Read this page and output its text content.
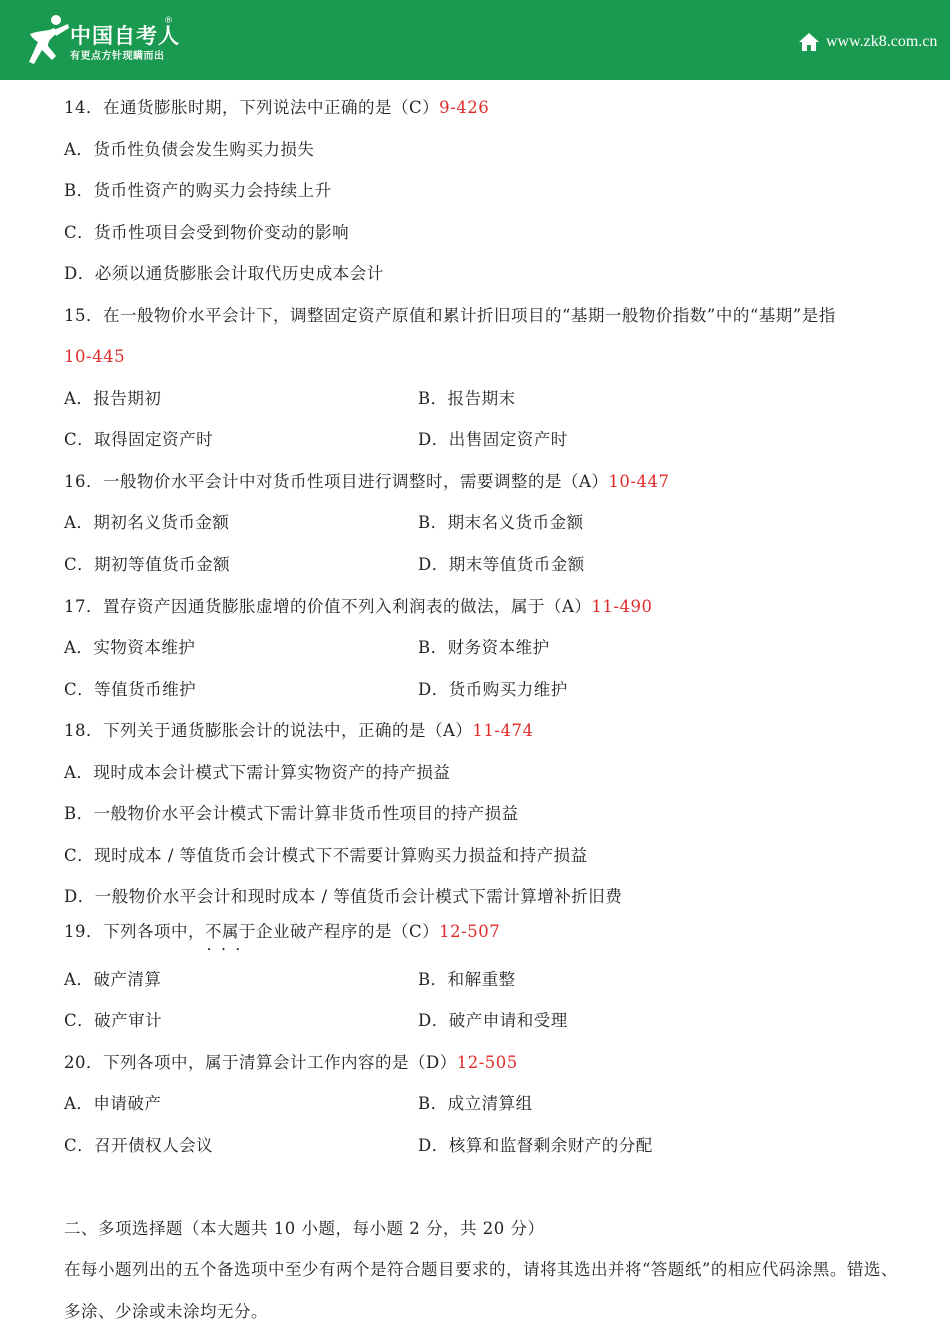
中国自考人
®
有更点方针现瞒而出
www.zk8.com.cn
14．在通货膨胀时期，下列说法中正确的是（C）9-426
A．货币性负债会发生购买力损失
B．货币性资产的购买力会持续上升
C．货币性项目会受到物价变动的影响
D．必须以通货膨胀会计取代历史成本会计
15．在一般物价水平会计下，调整固定资产原值和累计折旧项目的“基期一般物价指数”中的“基期”是指
10-445
A．报告期初	B．报告期末
C．取得固定资产时	D．出售固定资产时
16．一般物价水平会计中对货币性项目进行调整时，需要调整的是（A）10-447
A．期初名义货币金额	B．期末名义货币金额
C．期初等值货币金额	D．期末等值货币金额
17．置存资产因通货膨胀虚增的价值不列入利润表的做法，属于（A）11-490
A．实物资本维护	B．财务资本维护
C．等值货币维护	D．货币购买力维护
18．下列关于通货膨胀会计的说法中，正确的是（A）11-474
A．现时成本会计模式下需计算实物资产的持产损益
B．一般物价水平会计模式下需计算非货币性项目的持产损益
C．现时成本 / 等值货币会计模式下不需要计算购买力损益和持产损益
D．一般物价水平会计和现时成本 / 等值货币会计模式下需计算增补折旧费
19．下列各项中，不属于 • • •企业破产程序的是（C）12-507
A．破产清算	B．和解重整
C．破产审计	D．破产申请和受理
20．下列各项中，属于清算会计工作内容的是（D）12-505
A．申请破产	B．成立清算组
C．召开债权人会议	D．核算和监督剩余财产的分配
二、多项选择题（本大题共 10 小题，每小题 2 分，共 20 分）
在每小题列出的五个备选项中至少有两个是符合题目要求的，请将其选出并将“答题纸”的相应代码涂黑。错选、
多涂、少涂或未涂均无分。
